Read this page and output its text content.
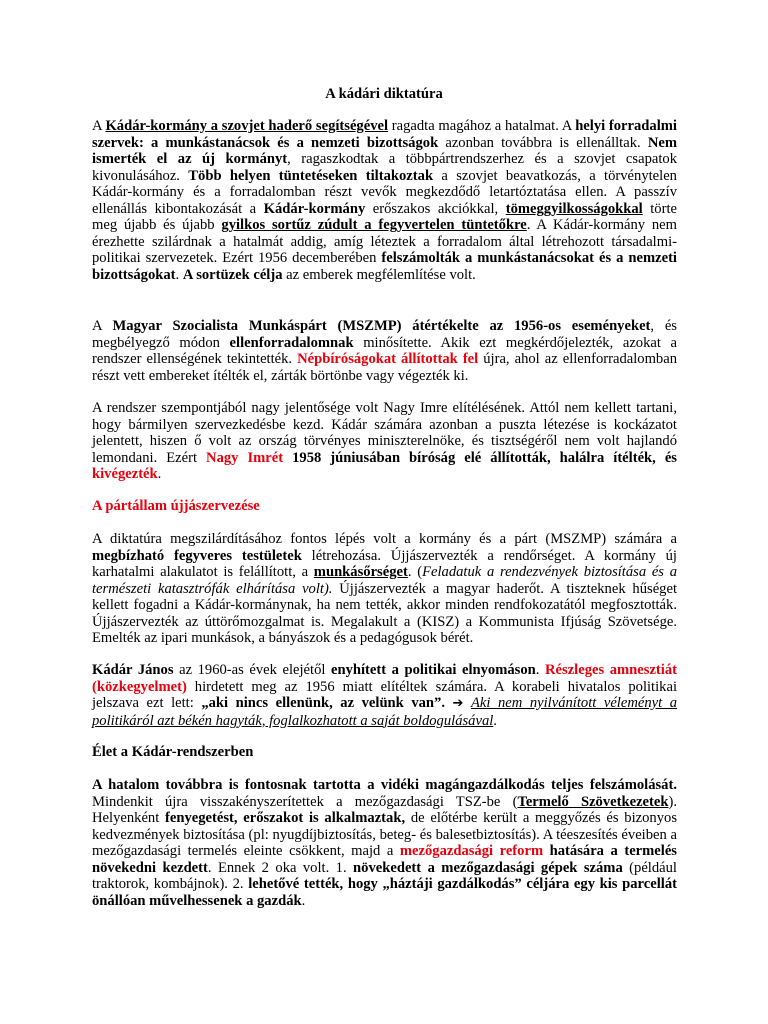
A kádári diktatúra

A Kádár-kormány a szovjet haderő segítségével ragadta magához a hatalmat. A helyi forradalmi szervek: a munkástanácsok és a nemzeti bizottságok azonban továbbra is ellenálltak. Nem ismerték el az új kormányt, ragaszkodtak a többpártrendszerhez és a szovjet csapatok kivonulásához. Több helyen tüntetéseken tiltakoztak a szovjet beavatkozás, a törvénytelen Kádár-kormány és a forradalomban részt vevők megkezdődő letartóztatása ellen. A passzív ellenállás kibontakozását a Kádár-kormány erőszakos akciókkal, tömeggyilkosságokkal törte meg újabb és újabb gyilkos sortűz zúdult a fegyvertelen tüntetőkre. A Kádár-kormány nem érezhette szilárdnak a hatalmát addig, amíg léteztek a forradalom által létrehozott társadalmi- politikai szervezetek. Ezért 1956 decemberében felszámolták a munkástanácsokat és a nemzeti bizottságokat. A sortüzek célja az emberek megfélemlítése volt.

A Magyar Szocialista Munkáspárt (MSZMP) átértékelte az 1956-os eseményeket, és megbélyegző módon ellenforradalomnak minősítette. Akik ezt megkérdőjelezték, azokat a rendszer ellenségének tekintették. Népbíróságokat állítottak fel újra, ahol az ellenforradalomban részt vett embereket ítélték el, zárták börtönbe vagy végezték ki.

A rendszer szempontjából nagy jelentősége volt Nagy Imre elítélésének. Attól nem kellett tartani, hogy bármilyen szervezkedésbe kezd. Kádár számára azonban a puszta létezése is kockázatot jelentett, hiszen ő volt az ország törvényes miniszterelnöke, és tisztségéről nem volt hajlandó lemondani. Ezért Nagy Imrét 1958 júniusában bíróság elé állították, halálra ítélték, és kivégezték.

A pártállam újjászervezése

A diktatúra megszilárdításához fontos lépés volt a kormány és a párt (MSZMP) számára a megbízható fegyveres testületek létrehozása. Újjászervezték a rendőrséget. A kormány új karhatalmi alakulatot is felállított, a munkásőrséget. (Feladatuk a rendezvények biztosítása és a természeti katasztrófák elhárítása volt). Újjászervezték a magyar haderőt. A tiszteknek hűséget kellett fogadni a Kádár-kormánynak, ha nem tették, akkor minden rendfokozatától megfosztották. Újjászervezték az úttörőmozgalmat is. Megalakult a (KISZ) a Kommunista Ifjúság Szövetsége. Emelték az ipari munkások, a bányászok és a pedagógusok bérét.

Kádár János az 1960-as évek elejétől enyhített a politikai elnyomáson. Részleges amnesztiát (közkegyelmet) hirdetett meg az 1956 miatt elítéltek számára. A korabeli hivatalos politikai jelszava ezt lett: „aki nincs ellenünk, az velünk van”. ➔ Aki nem nyilvánított véleményt a politikáról azt békén hagyták, foglalkozhatott a saját boldogulásával.

Élet a Kádár-rendszerben

A hatalom továbbra is fontosnak tartotta a vidéki magángazdálkodás teljes felszámolását. Mindenkit újra visszakényszerítettek a mezőgazdasági TSZ-be (Termelő Szövetkezetek). Helyenként fenyegetést, erőszakot is alkalmaztak, de előtérbe került a meggyőzés és bizonyos kedvezmények biztosítása (pl: nyugdíjbiztosítás, beteg- és balesetbiztosítás). A téeszesítés éveiben a mezőgazdasági termelés eleinte csökkent, majd a mezőgazdasági reform hatására a termelés növekedni kezdett. Ennek 2 oka volt. 1. növekedett a mezőgazdasági gépek száma (például traktorok, kombájnok). 2. lehetővé tették, hogy „háztáji gazdálkodás” céljára egy kis parcellát önállóan művelhessenek a gazdák.
